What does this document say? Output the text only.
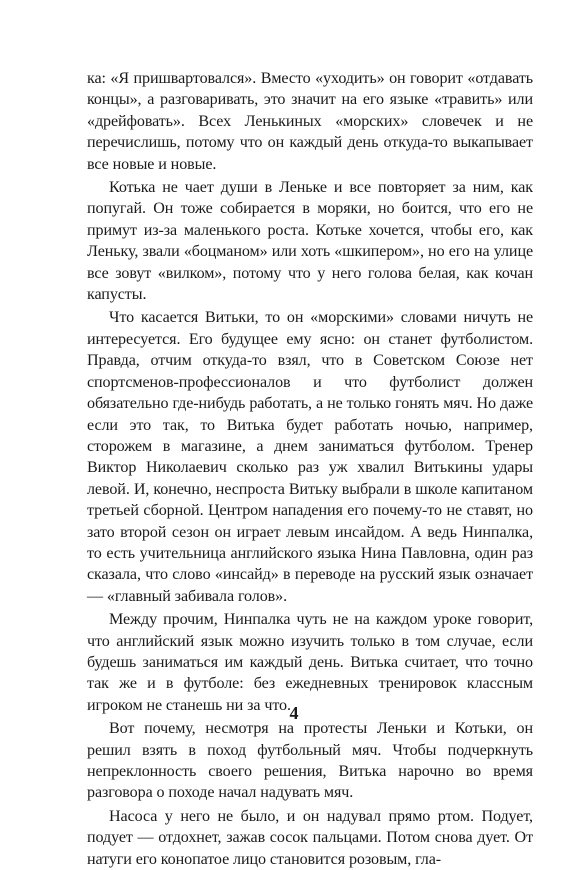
ка: «Я пришвартовался». Вместо «уходить» он говорит «отдавать концы», а разговаривать, это значит на его языке «травить» или «дрейфовать». Всех Ленькиных «морских» словечек и не перечислишь, потому что он каждый день откуда-то выкапывает все новые и новые.

Котька не чает души в Леньке и все повторяет за ним, как попугай. Он тоже собирается в моряки, но боится, что его не примут из-за маленького роста. Котьке хочется, чтобы его, как Леньку, звали «боцманом» или хоть «шкипером», но его на улице все зовут «вилком», потому что у него голова белая, как кочан капусты.

Что касается Витьки, то он «морскими» словами ничуть не интересуется. Его будущее ему ясно: он станет футболистом. Правда, отчим откуда-то взял, что в Советском Союзе нет спортсменов-профессионалов и что футболист должен обязательно где-нибудь работать, а не только гонять мяч. Но даже если это так, то Витька будет работать ночью, например, сторожем в магазине, а днем заниматься футболом. Тренер Виктор Николаевич сколько раз уж хвалил Витькины удары левой. И, конечно, неспроста Витьку выбрали в школе капитаном третьей сборной. Центром нападения его почему-то не ставят, но зато второй сезон он играет левым инсайдом. А ведь Нинпалка, то есть учительница английского языка Нина Павловна, один раз сказала, что слово «инсайд» в переводе на русский язык означает — «главный забивала голов».

Между прочим, Нинпалка чуть не на каждом уроке говорит, что английский язык можно изучить только в том случае, если будешь заниматься им каждый день. Витька считает, что точно так же и в футболе: без ежедневных тренировок классным игроком не станешь ни за что.

Вот почему, несмотря на протесты Леньки и Котьки, он решил взять в поход футбольный мяч. Чтобы подчеркнуть непреклонность своего решения, Витька нарочно во время разговора о походе начал надувать мяч.

Насоса у него не было, и он надувал прямо ртом. Подует, подует — отдохнет, зажав сосок пальцами. Потом снова дует. От натуги его конопатое лицо становится розовым, гла-

4
